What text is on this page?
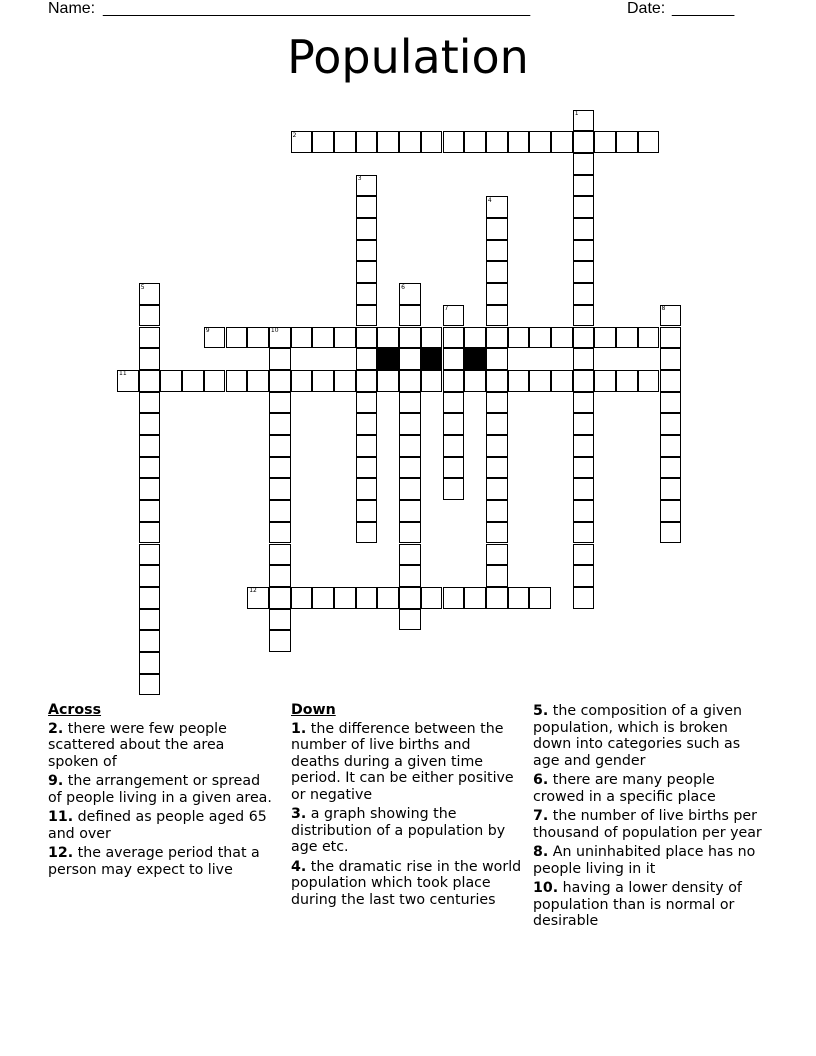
Name: ________________________________________________	Date: _______
Population
1
2
3
4
5	6
7	8
9	10
11
12
Across
2. there were few people scattered about the area spoken of
9. the arrangement or spread of people living in a given area.
11. defined as people aged 65 and over
12. the average period that a person may expect to live
Down
1. the difference between the number of live births and deaths during a given time period. It can be either positive or negative
3. a graph showing the distribution of a population by age etc.
4. the dramatic rise in the world population which took place during the last two centuries
5. the composition of a given population, which is broken down into categories such as age and gender
6. there are many people crowed in a specific place
7. the number of live births per thousand of population per year
8. An uninhabited place has no people living in it
10. having a lower density of population than is normal or desirable
